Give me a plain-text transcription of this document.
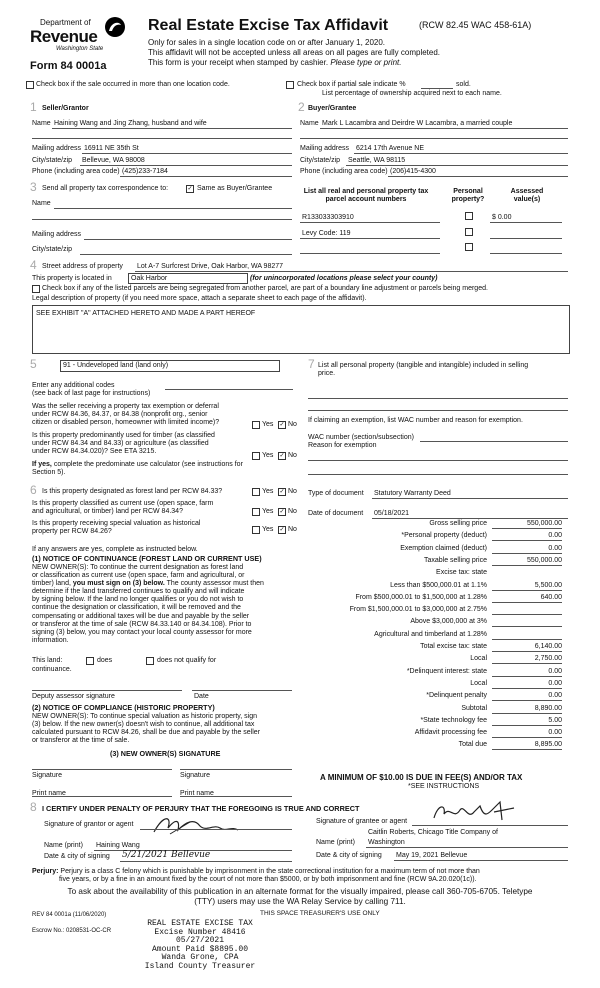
Department of
Revenue
Washington State
Form 84 0001a
Real Estate Excise Tax Affidavit	(RCW 82.45 WAC 458-61A)
Only for sales in a single location code on or after January 1, 2020.
This affidavit will not be accepted unless all areas on all pages are fully completed.
This form is your receipt when stamped by cashier. Please type or print.
Check box if the sale occurred in more than one location code.	Check box if partial sale indicate %	sold.
List percentage of ownership acquired next to each name.
1 Seller/Grantor
Name Haining Wang and Jing Zhang, husband and wife
Mailing address 16911 NE 35th St
City/state/zip Bellevue, WA 98008
Phone (including area code) (425)233-7184
2 Buyer/Grantee
Name Mark L Lacambra and Deirdre W Lacambra, a married couple
Mailing address 6214 17th Avenue NE
City/state/zip Seattle, WA 98115
Phone (including area code) (206)415-4300
3 Send all property tax correspondence to:	✓ Same as Buyer/Grantee
Name
Mailing address
City/state/zip
List all real and personal property tax
parcel account numbers
Personal
property?
Assessed
value(s)
R133033303910	$ 0.00
Levy Code: 119
4 Street address of property Lot A-7 Surfcrest Drive, Oak Harbor, WA 98277
This property is located in	Oak Harbor	(for unincorporated locations please select your county)
Check box if any of the listed parcels are being segregated from another parcel, are part of a boundary line adjustment or parcels being merged.
Legal description of property (if you need more space, attach a separate sheet to each page of the affidavit).
SEE EXHIBIT "A" ATTACHED HERETO AND MADE A PART HEREOF
5	91 - Undeveloped land (land only)
Enter any additional codes
(see back of last page for instructions)
Was the seller receiving a property tax exemption or deferral
under RCW 84.36, 84.37, or 84.38 (nonprofit org., senior
citizen or disabled person, homeowner with limited income)?	Yes ✓ No
Is this property predominantly used for timber (as classified
under RCW 84.34 and 84.33) or agriculture (as classified
under RCW 84.34.020)? See ETA 3215.
Yes ✓ No
If yes, complete the predominate use calculator (see instructions for
Section 5).
6 Is this property designated as forest land per RCW 84.33?	Yes ✓ No
Is this property classified as current use (open space, farm
and agricultural, or timber) land per RCW 84.34?	Yes ✓ No
Is this property receiving special valuation as historical
property per RCW 84.26?	Yes ✓ No
If any answers are yes, complete as instructed below.
(1) NOTICE OF CONTINUANCE (FOREST LAND OR CURRENT USE)
NEW OWNER(S): To continue the current designation as forest land
or classification as current use (open space, farm and agricultural, or
timber) land, you must sign on (3) below. The county assessor must then
determine if the land transferred continues to qualify and will indicate
by signing below. If the land no longer qualifies or you do not wish to
continue the designation or classification, it will be removed and the
compensating or additional taxes will be due and payable by the seller
or transferor at the time of sale (RCW 84.33.140 or 84.34.108). Prior to
signing (3) below, you may contact your local county assessor for more
information.
This land:	does	does not qualify for
continuance.
Deputy assessor signature	Date
(2) NOTICE OF COMPLIANCE (HISTORIC PROPERTY)
NEW OWNER(S): To continue special valuation as historic property, sign
(3) below. If the new owner(s) doesn't wish to continue, all additional tax
calculated pursuant to RCW 84.26, shall be due and payable by the seller
or transferor at the time of sale.
(3) NEW OWNER(S) SIGNATURE
Signature	Signature
Print name	Print name
7 List all personal property (tangible and intangible) included in selling
price.
If claiming an exemption, list WAC number and reason for exemption.
WAC number (section/subsection)
Reason for exemption
Type of document Statutory Warranty Deed
Date of document 05/18/2021
Gross selling price	550,000.00
*Personal property (deduct)	0.00
Exemption claimed (deduct)	0.00
Taxable selling price	550,000.00
Excise tax: state
Less than $500,000.01 at 1.1%	5,500.00
From $500,000.01 to $1,500,000 at 1.28%	640.00
From $1,500,000.01 to $3,000,000 at 2.75%
Above $3,000,000 at 3%
Agricultural and timberland at 1.28%
Total excise tax: state	6,140.00
Local	2,750.00
*Delinquent interest: state	0.00
Local	0.00
*Delinquent penalty	0.00
Subtotal	8,890.00
*State technology fee	5.00
Affidavit processing fee	0.00
Total due	8,895.00
A MINIMUM OF $10.00 IS DUE IN FEE(S) AND/OR TAX
*SEE INSTRUCTIONS
8 I CERTIFY UNDER PENALTY OF PERJURY THAT THE FOREGOING IS TRUE AND CORRECT
Signature of grantor or agent
Name (print) Haining Wang
Date & city of signing 5/21/2021 Bellevue
Signature of grantee or agent
Caitlin Roberts, Chicago Title Company of
Name (print) Washington
Date & city of signing May 19, 2021 Bellevue
Perjury: Perjury is a class C felony which is punishable by imprisonment in the state correctional institution for a maximum term of not more than
five years, or by a fine in an amount fixed by the court of not more than $5000, or by both imprisonment and fine (RCW 9A.20.020(1c)).
To ask about the availability of this publication in an alternate format for the visually impaired, please call 360-705-6705. Teletype
(TTY) users may use the WA Relay Service by calling 711.
REV 84 0001a (11/06/2020)	THIS SPACE TREASURER'S USE ONLY
Escrow No.: 0208531-OC-CR
REAL ESTATE EXCISE TAX
Excise Number 48416
05/27/2021
Amount Paid $8895.00
Wanda Grone, CPA
Island County Treasurer
